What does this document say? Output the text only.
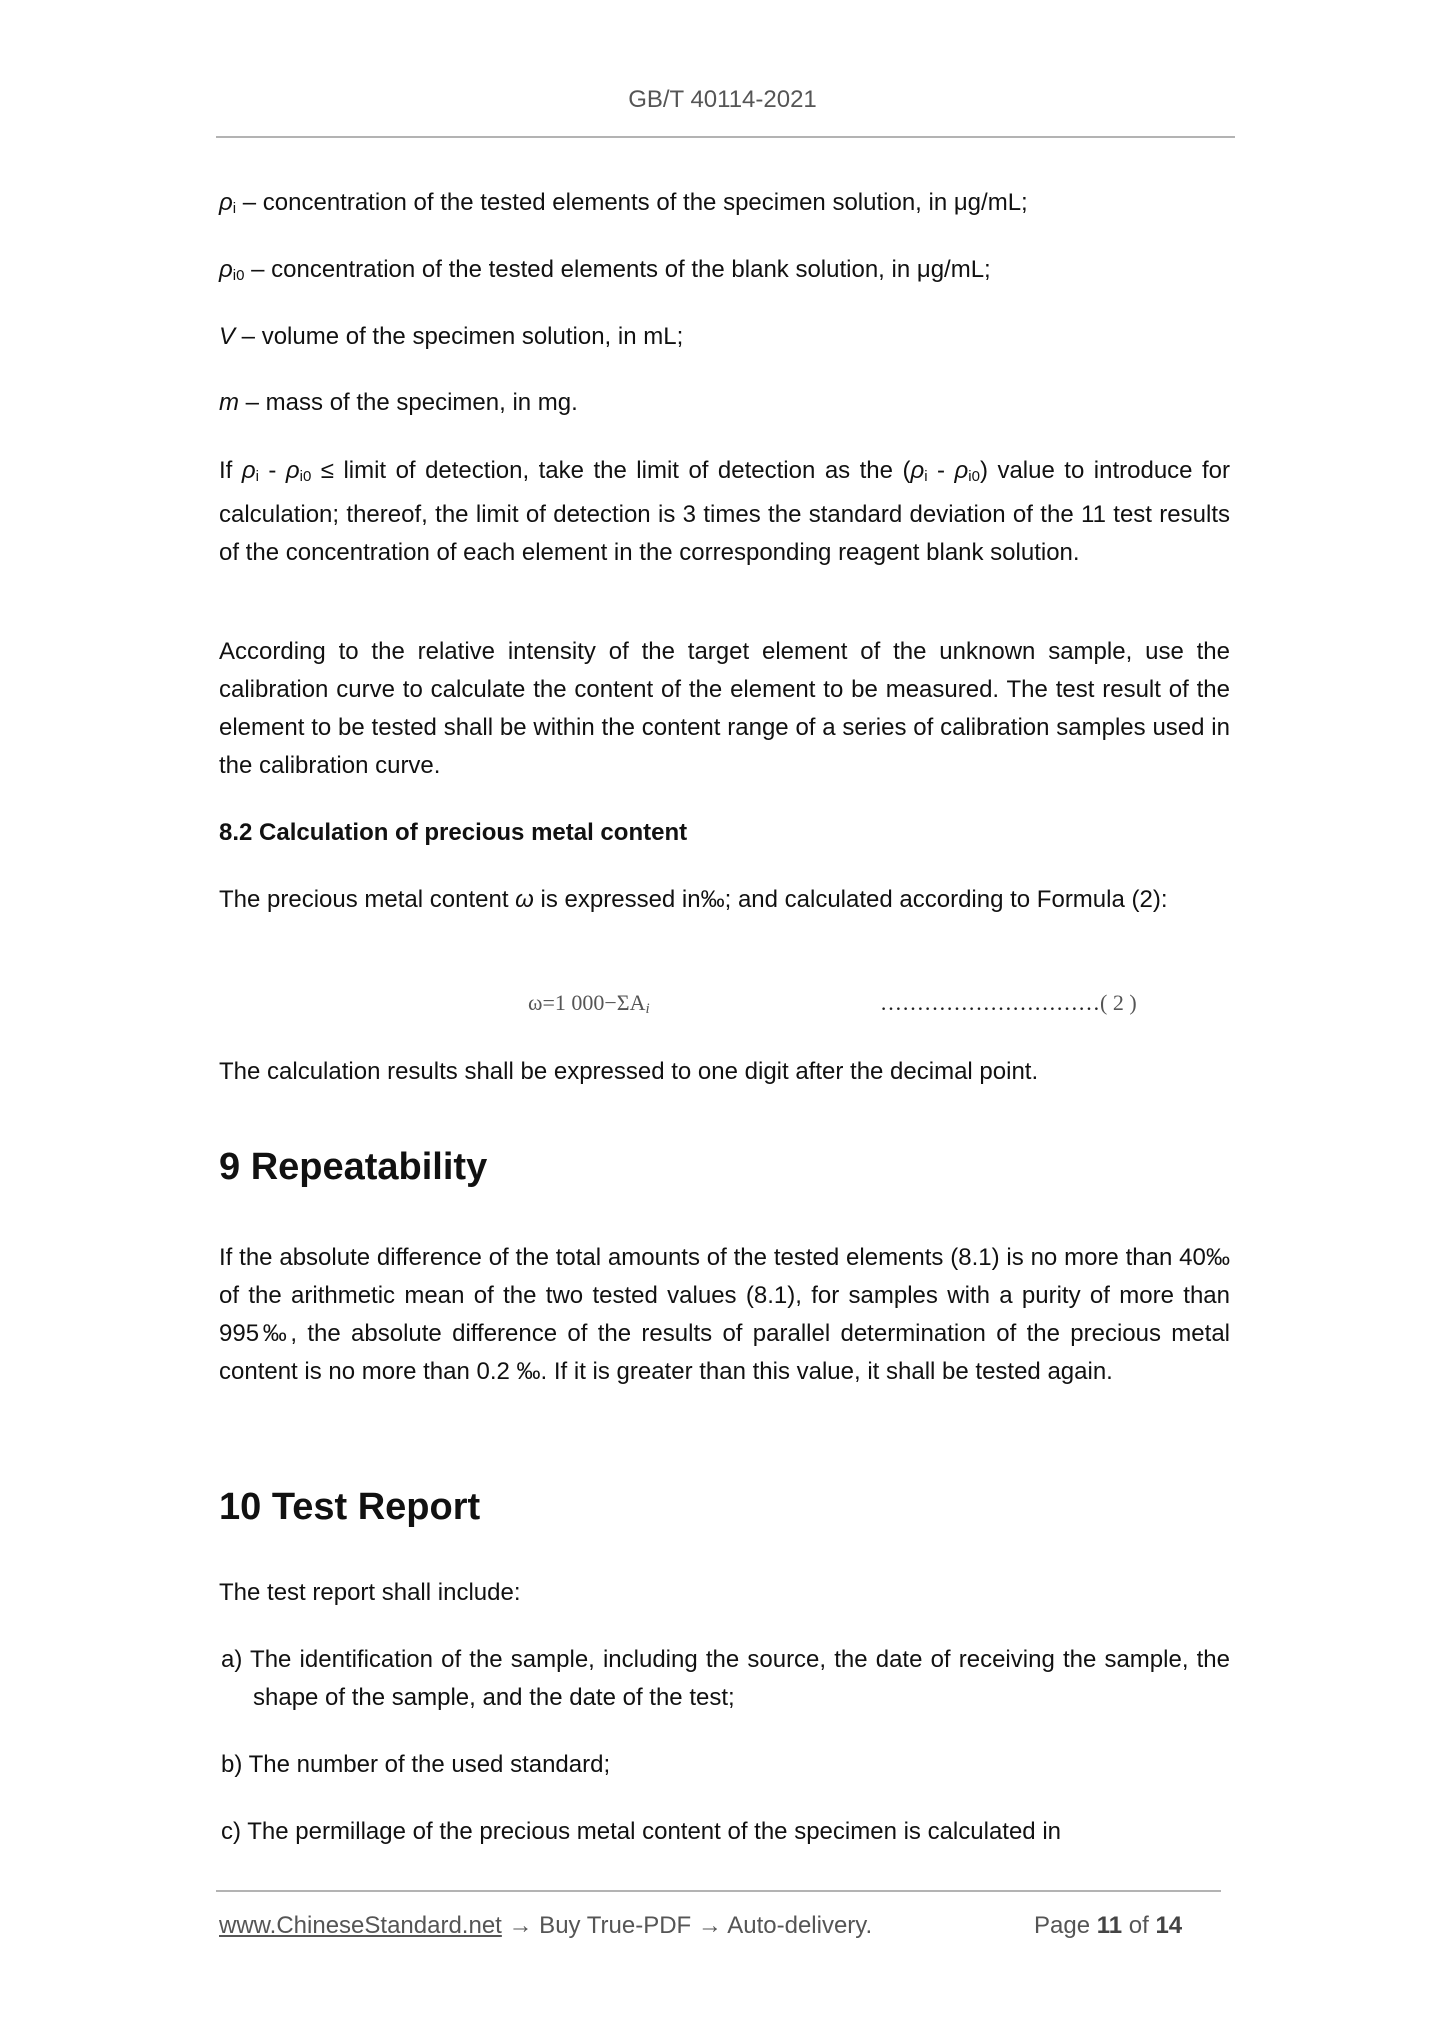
GB/T 40114-2021
$\rho_i$ – concentration of the tested elements of the specimen solution, in μg/mL;
$\rho_{i0}$ – concentration of the tested elements of the blank solution, in μg/mL;
V – volume of the specimen solution, in mL;
m – mass of the specimen, in mg.

If $\rho_i - \rho_{i0}$ ≤ limit of detection, take the limit of detection as the $(\rho_i - \rho_{i0})$ value to introduce for calculation; thereof, the limit of detection is 3 times the standard deviation of the 11 test results of the concentration of each element in the corresponding reagent blank solution.

According to the relative intensity of the target element of the unknown sample, use the calibration curve to calculate the content of the element to be measured. The test result of the element to be tested shall be within the content range of a series of calibration samples used in the calibration curve.

8.2 Calculation of precious metal content

The precious metal content ω is expressed in‰; and calculated according to Formula (2):

ω=1 $000-\Sigma A_i$	…………………………( 2 )
The calculation results shall be expressed to one digit after the decimal point.
9 Repeatability

If the absolute difference of the total amounts of the tested elements (8.1) is no more than 40‰ of the arithmetic mean of the two tested values (8.1), for samples with a purity of more than 995‰, the absolute difference of the results of parallel determination of the precious metal content is no more than 0.2 ‰. If it is greater than this value, it shall be tested again.

10 Test Report
The test report shall include:
a) The identification of the sample, including the source, the date of receiving the sample, the shape of the sample, and the date of the test;
b) The number of the used standard;
c) The permillage of the precious metal content of the specimen is calculated in
www.ChineseStandard.net → Buy True-PDF → Auto-delivery.	Page 11 of 14
